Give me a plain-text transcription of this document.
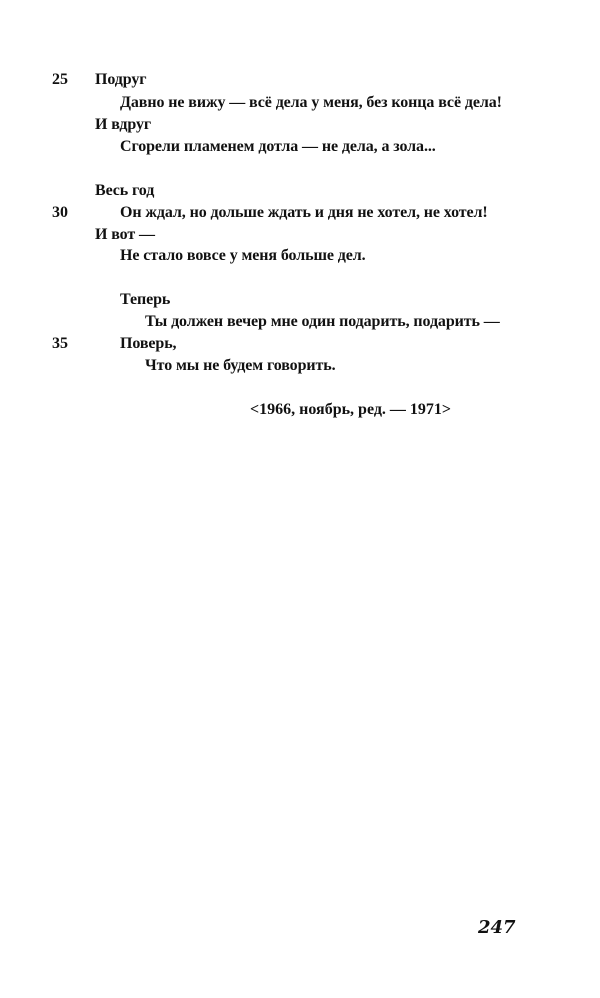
25 Подруг
Давно не вижу — всё дела у меня, без конца всё дела!
И вдруг
Сгорели пламенем дотла — не дела, а зола...
Весь год
30	Он ждал, но дольше ждать и дня не хотел, не хотел!
И вот —
Не стало вовсе у меня больше дел.
Теперь
Ты должен вечер мне один подарить, подарить —
35	Поверь,
Что мы не будем говорить.
<1966, ноябрь, ред. — 1971>
247
